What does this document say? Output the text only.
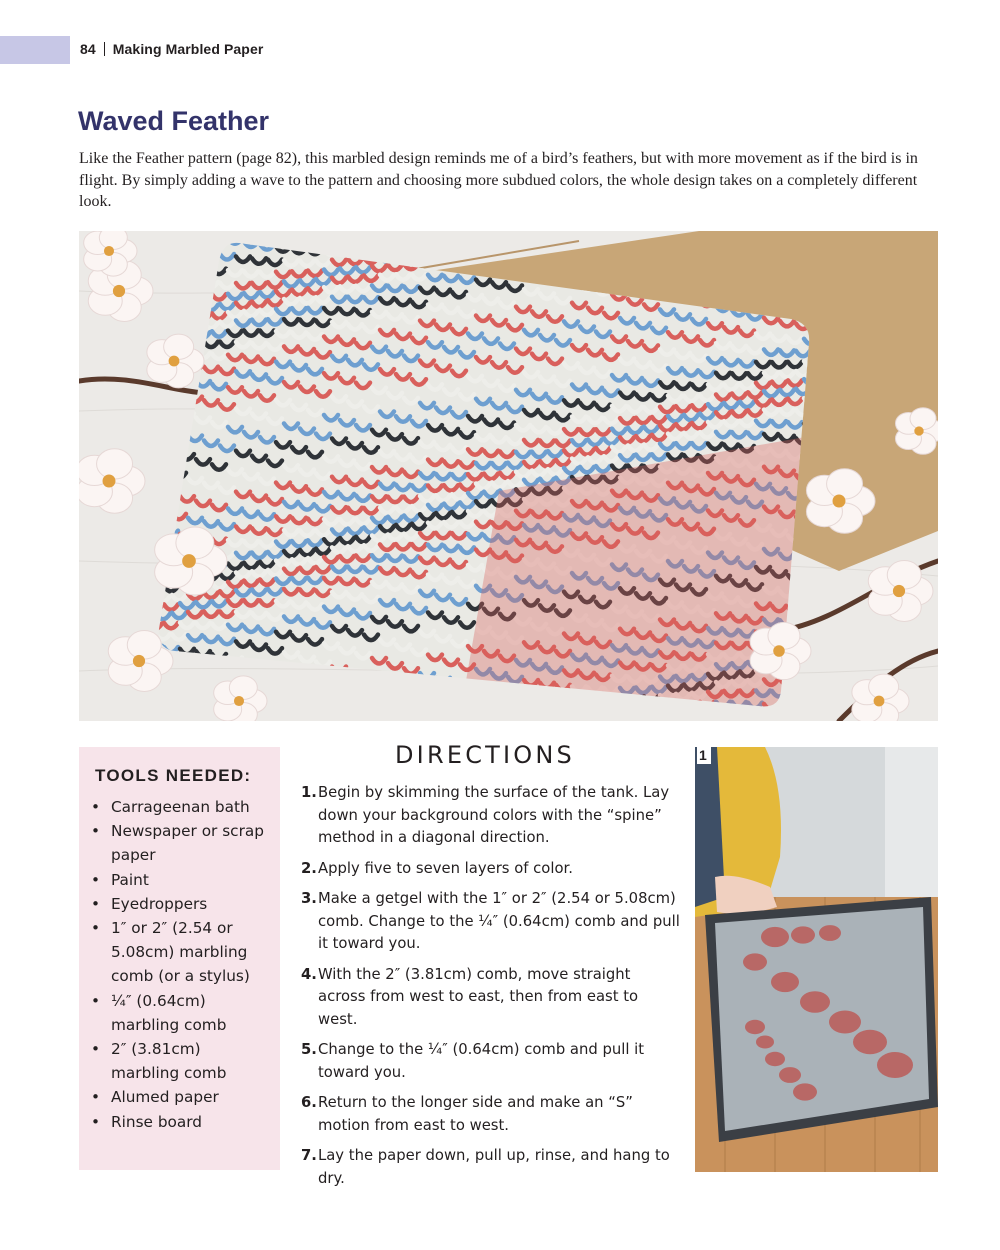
84 Making Marbled Paper
Waved Feather

Like the Feather pattern (page 82), this marbled design reminds me of a bird’s feathers, but with more movement as if the bird is in flight. By simply adding a wave to the pattern and choosing more subdued colors, the whole design takes on a completely different look.

TOOLS NEEDED:
• Carrageenan bath
• Newspaper or scrap paper
• Paint
• Eyedroppers
• 1″ or 2″ (2.54 or 5.08cm) marbling comb (or a stylus)
• ¼″ (0.64cm) marbling comb
• 2″ (3.81cm) marbling comb
• Alumed paper
• Rinse board
DIRECTIONS
1. Begin by skimming the surface of the tank. Lay down your background colors with the “spine” method in a diagonal direction.
2. Apply five to seven layers of color.
3. Make a getgel with the 1″ or 2″ (2.54 or 5.08cm) comb. Change to the ¼″ (0.64cm) comb and pull it toward you.
4. With the 2″ (3.81cm) comb, move straight across from west to east, then from east to west.
5. Change to the ¼″ (0.64cm) comb and pull it toward you.
6. Return to the longer side and make an “S” motion from east to west.
7. Lay the paper down, pull up, rinse, and hang to dry.
1
